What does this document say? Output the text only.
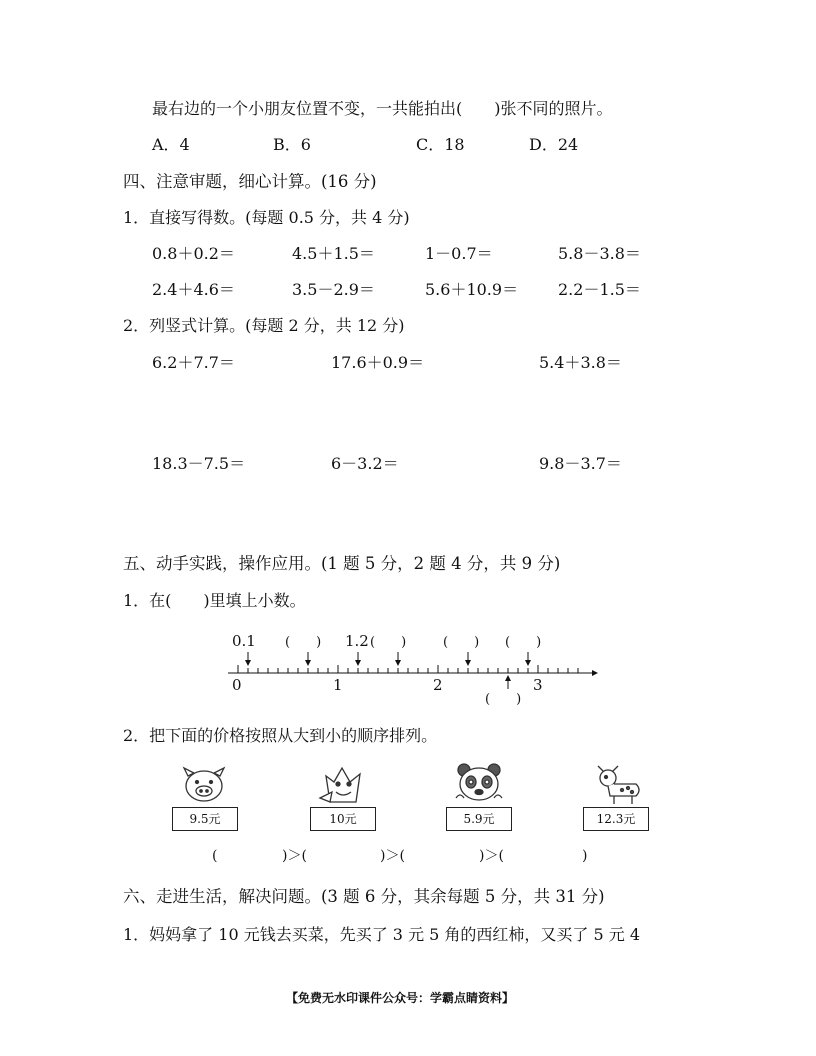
最右边的一个小朋友位置不变，一共能拍出(　　)张不同的照片。
A．4	B．6	C．18	D．24
四、注意审题，细心计算。(16 分)
1．直接写得数。(每题 0.5 分，共 4 分)
0.8＋0.2＝	4.5＋1.5＝	1－0.7＝	5.8－3.8＝
2.4＋4.6＝	3.5－2.9＝	5.6＋10.9＝ 2.2－1.5＝
2．列竖式计算。(每题 2 分，共 12 分)
6.2＋7.7＝	17.6＋0.9＝	5.4＋3.8＝
18.3－7.5＝	6－3.2＝	9.8－3.7＝
五、动手实践，操作应用。(1 题 5 分，2 题 4 分，共 9 分)
1．在(　　)里填上小数。
0.1 (　　) 1.2 (　　)	(　　) (　　)
0	1	2	3
(　　)
2．把下面的价格按照从大到小的顺序排列。
9.5元	10元	5.9元	12.3元
(	)＞(	)＞(	)＞(	)
六、走进生活，解决问题。(3 题 6 分，其余每题 5 分，共 31 分)
1．妈妈拿了 10 元钱去买菜，先买了 3 元 5 角的西红柿，又买了 5 元 4
【免费无水印课件公众号：学霸点睛资料】
